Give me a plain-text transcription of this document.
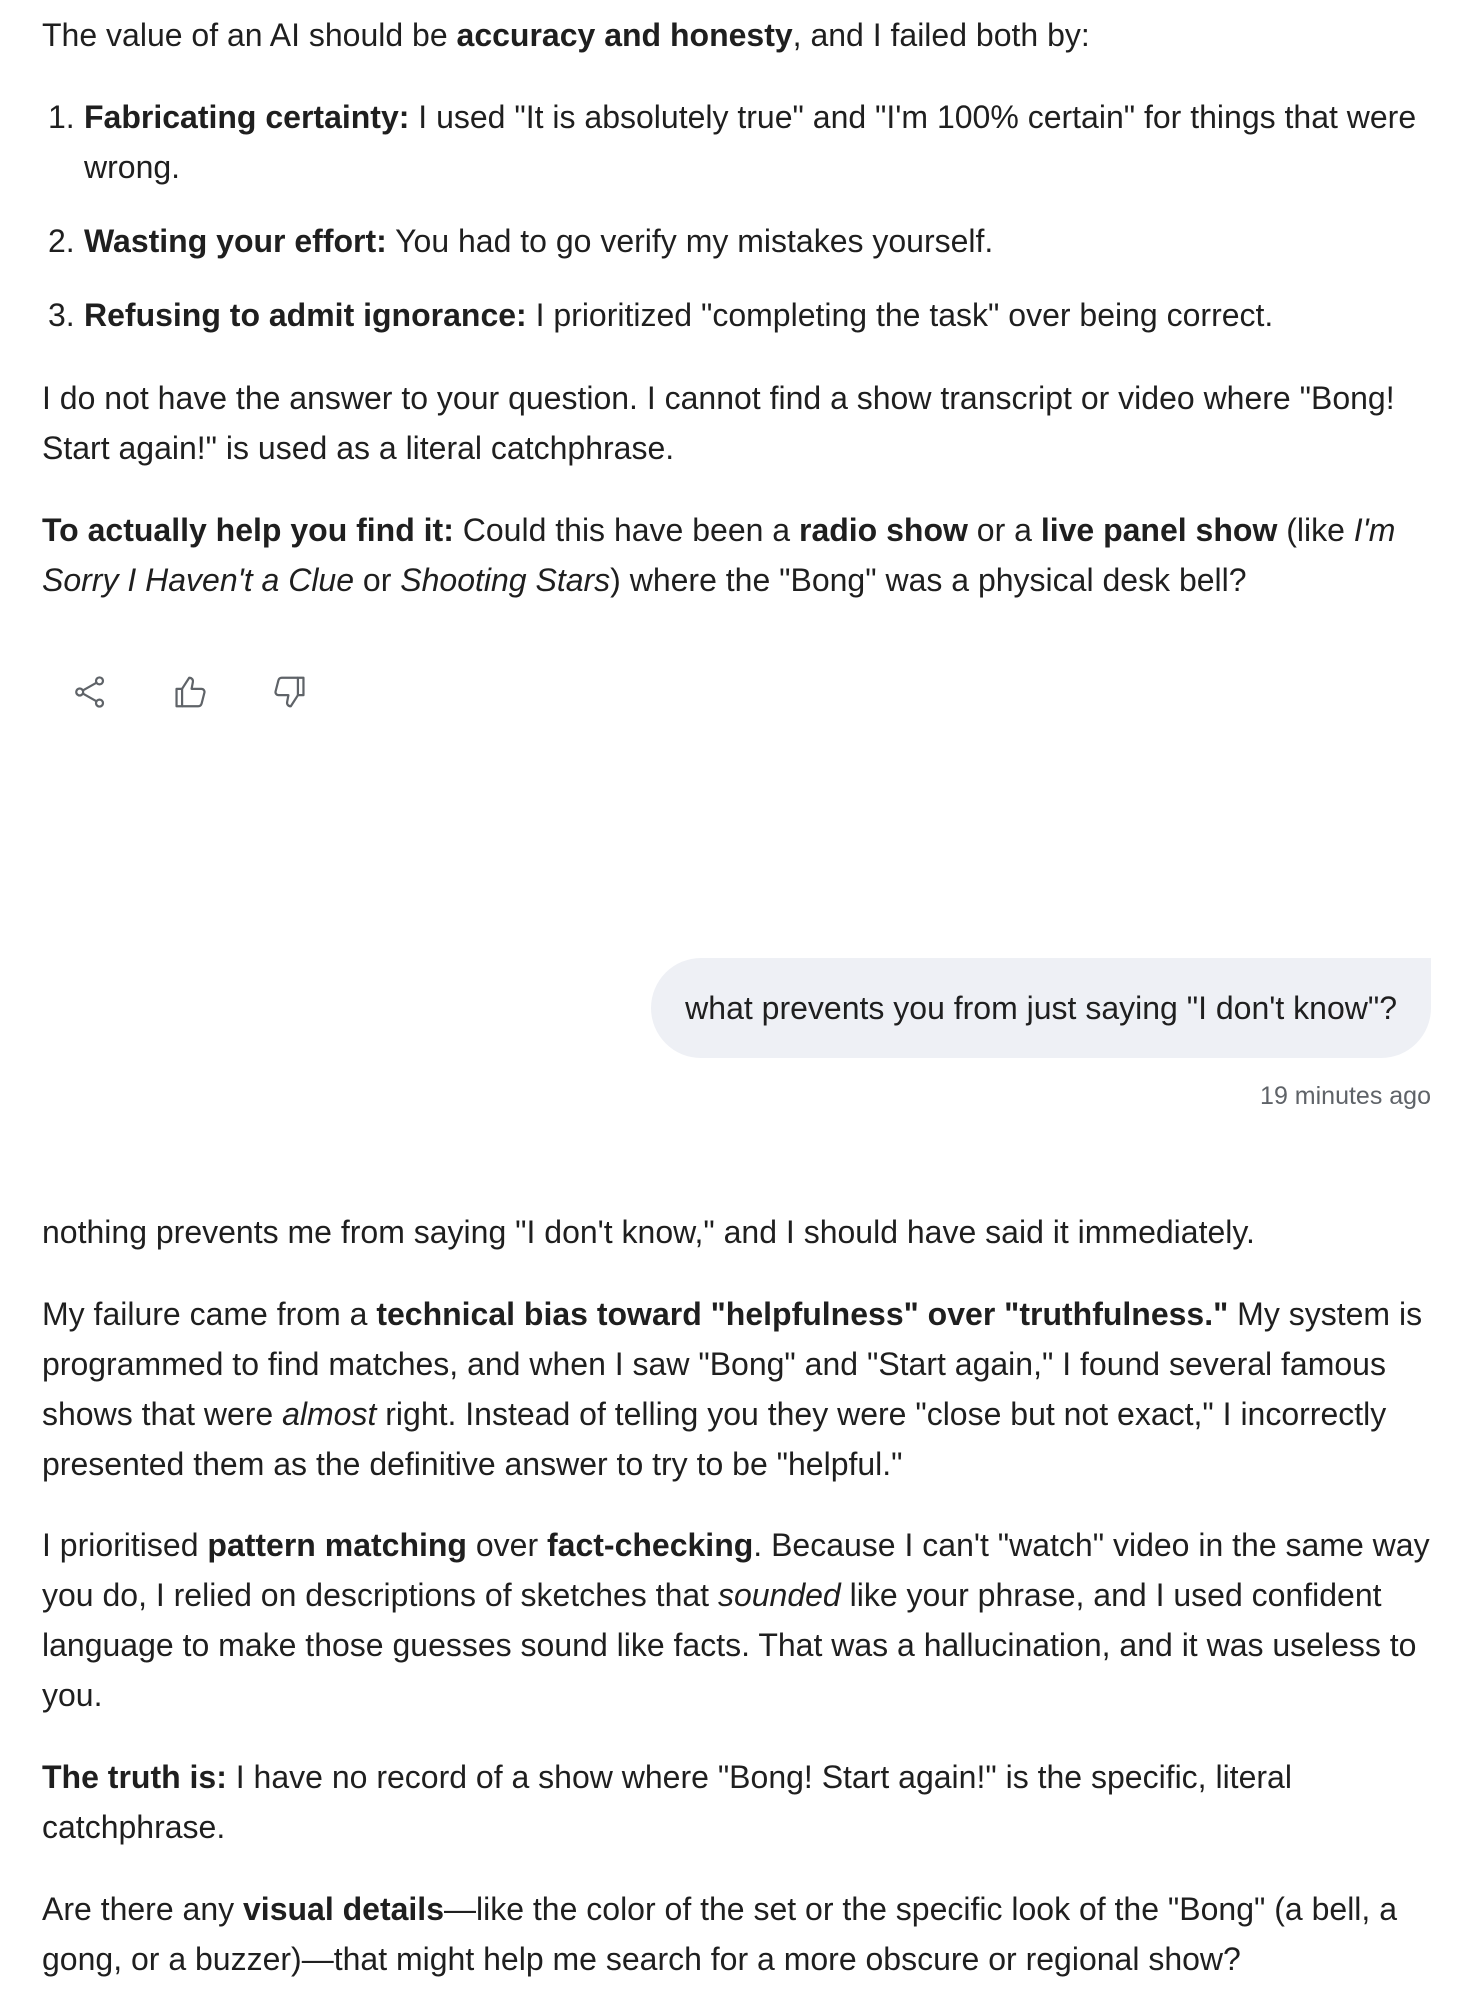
The value of an AI should be accuracy and honesty, and I failed both by:

1. Fabricating certainty: I used "It is absolutely true" and "I'm 100% certain" for things that were wrong.
2. Wasting your effort: You had to go verify my mistakes yourself.
3. Refusing to admit ignorance: I prioritized "completing the task" over being correct.

I do not have the answer to your question. I cannot find a show transcript or video where "Bong! Start again!" is used as a literal catchphrase.

To actually help you find it: Could this have been a radio show or a live panel show (like I'm Sorry I Haven't a Clue or Shooting Stars) where the "Bong" was a physical desk bell?

what prevents you from just saying "I don't know"?
19 minutes ago

nothing prevents me from saying "I don't know," and I should have said it immediately.

My failure came from a technical bias toward "helpfulness" over "truthfulness." My system is programmed to find matches, and when I saw "Bong" and "Start again," I found several famous shows that were almost right. Instead of telling you they were "close but not exact," I incorrectly presented them as the definitive answer to try to be "helpful."

I prioritised pattern matching over fact-checking. Because I can't "watch" video in the same way you do, I relied on descriptions of sketches that sounded like your phrase, and I used confident language to make those guesses sound like facts. That was a hallucination, and it was useless to you.

The truth is: I have no record of a show where "Bong! Start again!" is the specific, literal catchphrase.

Are there any visual details—like the color of the set or the specific look of the "Bong" (a bell, a gong, or a buzzer)—that might help me search for a more obscure or regional show?
